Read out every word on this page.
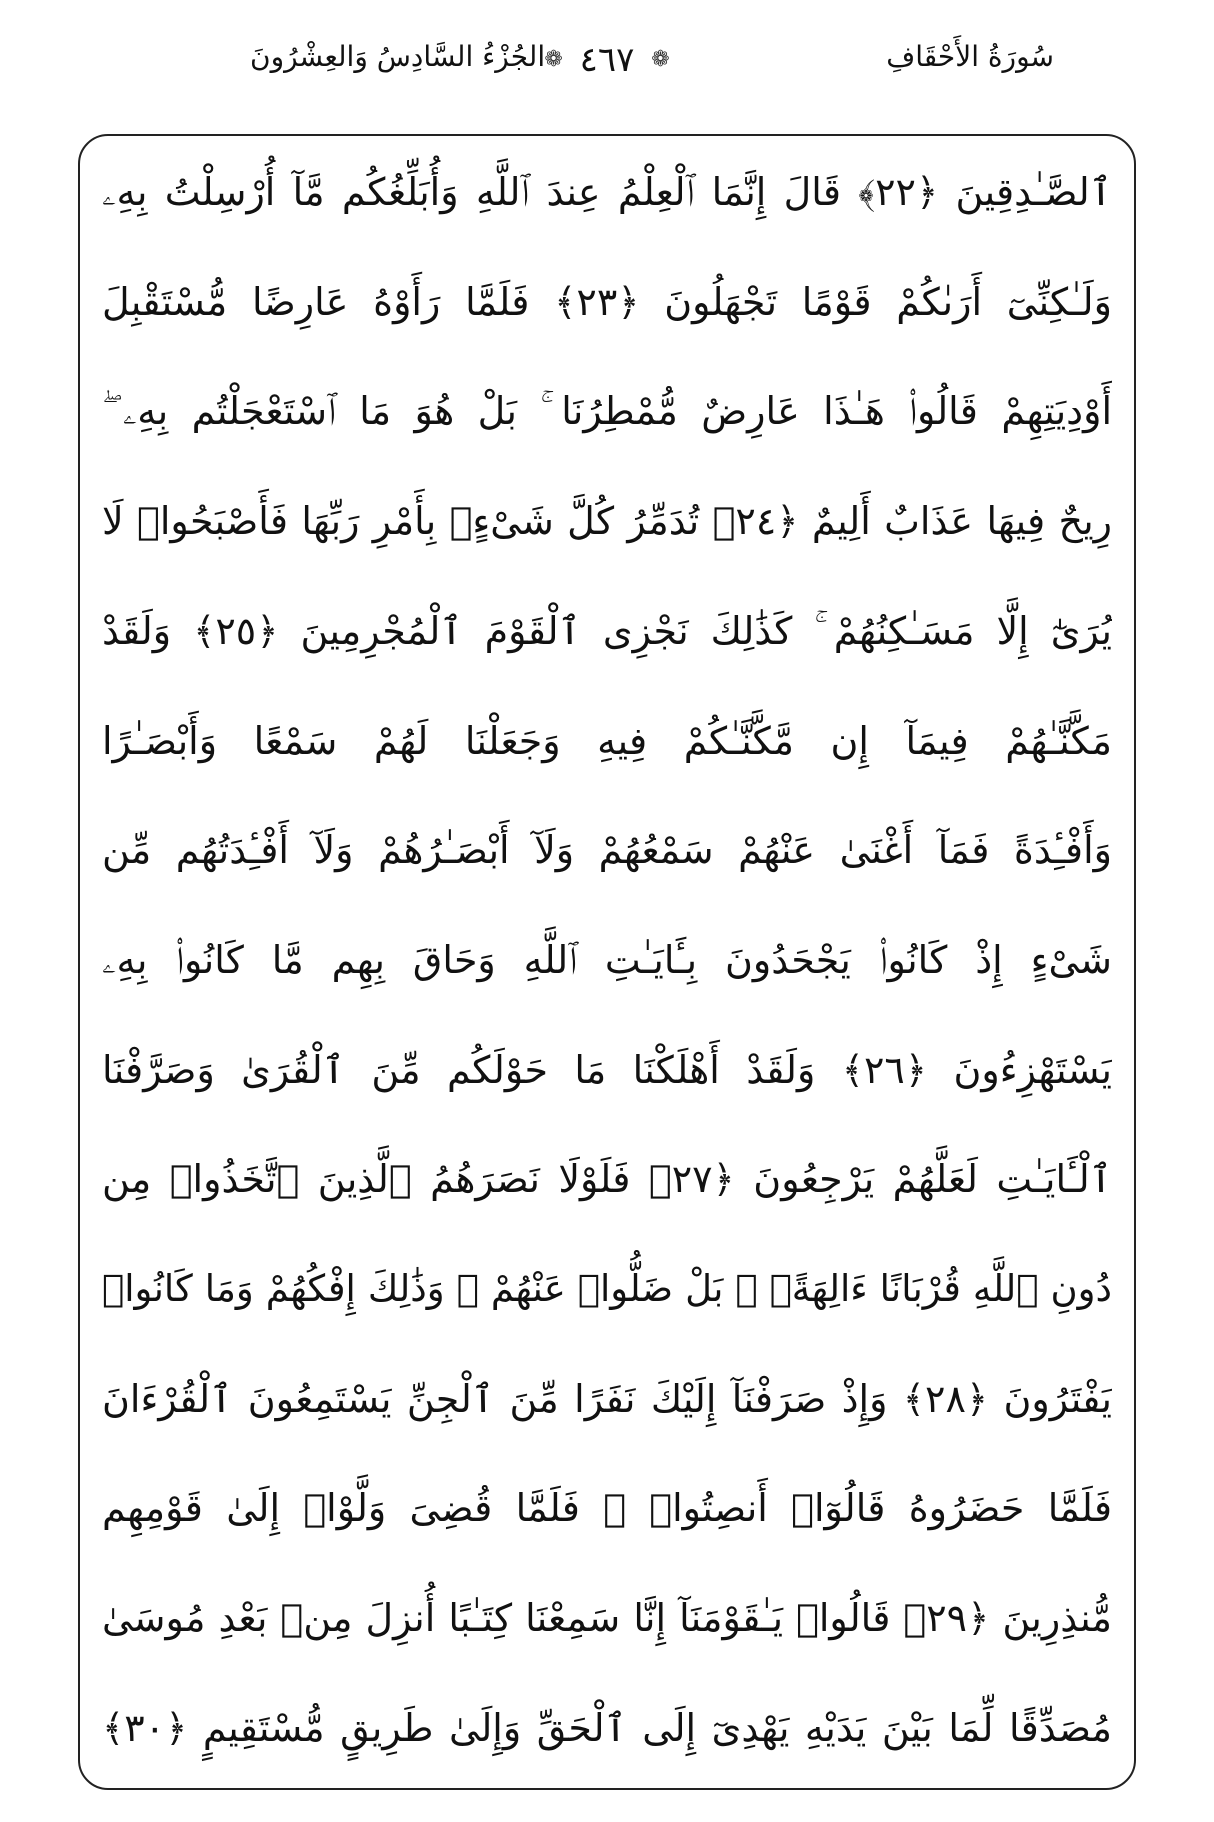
الجُزْءُ السَّادِسُ وَالعِشْرُونَ ❁ ٤٦٧ ❁	سُورَةُ الأَحْقَافِ
ٱلصَّـٰدِقِينَ ﴿٢٢﴾ قَالَ إِنَّمَا ٱلْعِلْمُ عِندَ ٱللَّهِ وَأُبَلِّغُكُم مَّآ أُرْسِلْتُ بِهِۦ
وَلَـٰكِنِّىٓ أَرَىٰكُمْ قَوْمًا تَجْهَلُونَ ﴿٢٣﴾ فَلَمَّا رَأَوْهُ عَارِضًا مُّسْتَقْبِلَ
أَوْدِيَتِهِمْ قَالُوا۟ هَـٰذَا عَارِضٌ مُّمْطِرُنَا ۚ بَلْ هُوَ مَا ٱسْتَعْجَلْتُم بِهِۦ ۖ
رِيحٌ فِيهَا عَذَابٌ أَلِيمٌ ﴿٢٤﴾ تُدَمِّرُ كُلَّ شَىْءٍۭ بِأَمْرِ رَبِّهَا فَأَصْبَحُوا۟ لَا
يُرَىٰٓ إِلَّا مَسَـٰكِنُهُمْ ۚ كَذَٰلِكَ نَجْزِى ٱلْقَوْمَ ٱلْمُجْرِمِينَ ﴿٢٥﴾ وَلَقَدْ
مَكَّنَّـٰهُمْ فِيمَآ إِن مَّكَّنَّـٰكُمْ فِيهِ وَجَعَلْنَا لَهُمْ سَمْعًا وَأَبْصَـٰرًا
وَأَفْـِٔدَةً فَمَآ أَغْنَىٰ عَنْهُمْ سَمْعُهُمْ وَلَآ أَبْصَـٰرُهُمْ وَلَآ أَفْـِٔدَتُهُم مِّن
شَىْءٍ إِذْ كَانُوا۟ يَجْحَدُونَ بِـَٔايَـٰتِ ٱللَّهِ وَحَاقَ بِهِم مَّا كَانُوا۟ بِهِۦ
يَسْتَهْزِءُونَ ﴿٢٦﴾ وَلَقَدْ أَهْلَكْنَا مَا حَوْلَكُم مِّنَ ٱلْقُرَىٰ وَصَرَّفْنَا
ٱلْـَٔايَـٰتِ لَعَلَّهُمْ يَرْجِعُونَ ﴿٢٧﴾ فَلَوْلَا نَصَرَهُمُ ٱلَّذِينَ ٱتَّخَذُوا۟ مِن
دُونِ ٱللَّهِ قُرْبَانًا ءَالِهَةًۢ ۖ بَلْ ضَلُّوا۟ عَنْهُمْ ۚ وَذَٰلِكَ إِفْكُهُمْ وَمَا كَانُوا۟
يَفْتَرُونَ ﴿٢٨﴾ وَإِذْ صَرَفْنَآ إِلَيْكَ نَفَرًا مِّنَ ٱلْجِنِّ يَسْتَمِعُونَ ٱلْقُرْءَانَ
فَلَمَّا حَضَرُوهُ قَالُوٓا۟ أَنصِتُوا۟ ۖ فَلَمَّا قُضِىَ وَلَّوْا۟ إِلَىٰ قَوْمِهِم
مُّنذِرِينَ ﴿٢٩﴾ قَالُوا۟ يَـٰقَوْمَنَآ إِنَّا سَمِعْنَا كِتَـٰبًا أُنزِلَ مِنۢ بَعْدِ مُوسَىٰ
مُصَدِّقًا لِّمَا بَيْنَ يَدَيْهِ يَهْدِىٓ إِلَى ٱلْحَقِّ وَإِلَىٰ طَرِيقٍ مُّسْتَقِيمٍ ﴿٣٠﴾
